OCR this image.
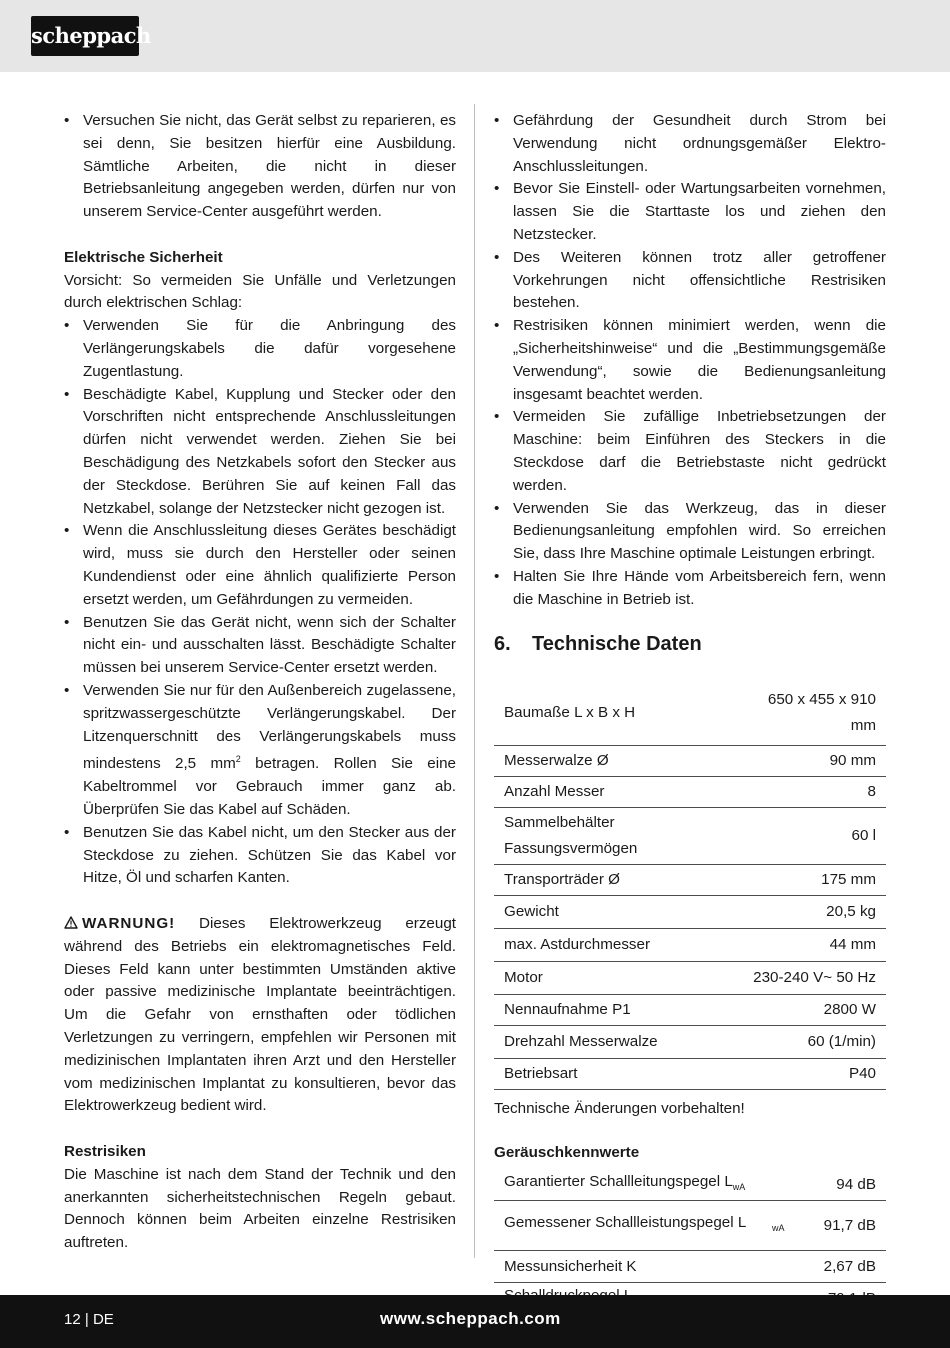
scheppach
• Versuchen Sie nicht, das Gerät selbst zu reparieren, es sei denn, Sie besitzen hierfür eine Ausbildung. Sämtliche Arbeiten, die nicht in dieser Betriebsanleitung angegeben werden, dürfen nur von unserem Service-Center ausgeführt werden.
Elektrische Sicherheit

Vorsicht: So vermeiden Sie Unfälle und Verletzungen durch elektrischen Schlag:

• Verwenden Sie für die Anbringung des Verlängerungskabels die dafür vorgesehene Zugentlastung.
• Beschädigte Kabel, Kupplung und Stecker oder den Vorschriften nicht entsprechende Anschlussleitungen dürfen nicht verwendet werden. Ziehen Sie bei Beschädigung des Netzkabels sofort den Stecker aus der Steckdose. Berühren Sie auf keinen Fall das Netzkabel, solange der Netzstecker nicht gezogen ist.
• Wenn die Anschlussleitung dieses Gerätes beschädigt wird, muss sie durch den Hersteller oder seinen Kundendienst oder eine ähnlich qualifizierte Person ersetzt werden, um Gefährdungen zu vermeiden.
• Benutzen Sie das Gerät nicht, wenn sich der Schalter nicht ein- und ausschalten lässt. Beschädigte Schalter müssen bei unserem Service-Center ersetzt werden.
• Verwenden Sie nur für den Außenbereich zugelassene, spritzwassergeschützte Verlängerungskabel. Der Litzenquerschnitt des Verlängerungskabels muss mindestens 2,5 $mm^2$ betragen. Rollen Sie eine Kabeltrommel vor Gebrauch immer ganz ab. Überprüfen Sie das Kabel auf Schäden.
• Benutzen Sie das Kabel nicht, um den Stecker aus der Steckdose zu ziehen. Schützen Sie das Kabel vor Hitze, Öl und scharfen Kanten.

WARNUNG! Dieses Elektrowerkzeug erzeugt während des Betriebs ein elektromagnetisches Feld. Dieses Feld kann unter bestimmten Umständen aktive oder passive medizinische Implantate beeinträchtigen. Um die Gefahr von ernsthaften oder tödlichen Verletzungen zu verringern, empfehlen wir Personen mit medizinischen Implantaten ihren Arzt und den Hersteller vom medizinischen Implantat zu konsultieren, bevor das Elektrowerkzeug bedient wird.

Restrisiken

Die Maschine ist nach dem Stand der Technik und den anerkannten sicherheitstechnischen Regeln gebaut. Dennoch können beim Arbeiten einzelne Restrisiken auftreten.

• Gefährdung der Gesundheit durch Strom bei Verwendung nicht ordnungsgemäßer Elektro-Anschlussleitungen.
• Bevor Sie Einstell- oder Wartungsarbeiten vornehmen, lassen Sie die Starttaste los und ziehen den Netzstecker.
• Des Weiteren können trotz aller getroffener Vorkehrungen nicht offensichtliche Restrisiken bestehen.
• Restrisiken können minimiert werden, wenn die „Sicherheitshinweise“ und die „Bestimmungsgemäße Verwendung“, sowie die Bedienungsanleitung insgesamt beachtet werden.
• Vermeiden Sie zufällige Inbetriebsetzungen der Maschine: beim Einführen des Steckers in die Steckdose darf die Betriebstaste nicht gedrückt werden.
• Verwenden Sie das Werkzeug, das in dieser Bedienungsanleitung empfohlen wird. So erreichen Sie, dass Ihre Maschine optimale Leistungen erbringt.
• Halten Sie Ihre Hände vom Arbeitsbereich fern, wenn die Maschine in Betrieb ist.
6. Technische Daten
Baumaße L x B x H	650 x 455 x 910 mm
Messerwalze Ø	90 mm
Anzahl Messer	8
Sammelbehälter Fassungsvermögen	60 l
Transporträder Ø	175 mm
Gewicht	20,5 kg
max. Astdurchmesser	44 mm
Motor	230-240 V~ 50 Hz
Nennaufnahme P1	2800 W
Drehzahl Messerwalze	60 (1/min)
Betriebsart	P40
Technische Änderungen vorbehalten!
Geräuschkennwerte
Garantierter Schallleitungspegel $L_{wA}$	94 dB
Gemessener Schallleistungspegel L $_{wA}$	91,7 dB
Messunsicherheit K	2,67 dB

12 | DE	www.scheppach.com
